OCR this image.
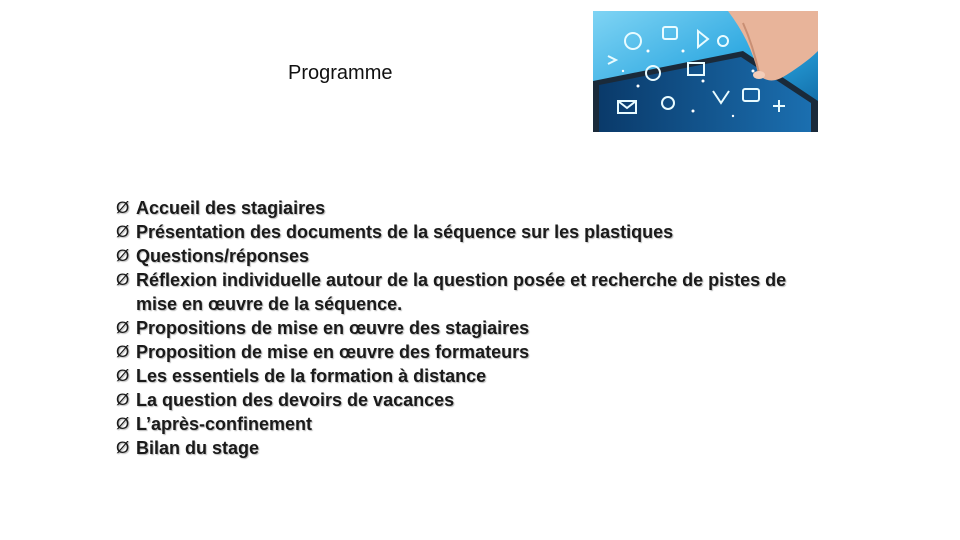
Programme
Ø Accueil des stagiaires
Ø Présentation des documents de la séquence sur les plastiques
Ø Questions/réponses
Ø Réflexion individuelle autour de la question posée et recherche de pistes de mise en œuvre de la séquence.
Ø Propositions de mise en œuvre des stagiaires
Ø Proposition de mise en œuvre des formateurs
Ø Les essentiels de la formation à distance
Ø La question des devoirs de vacances
Ø L’après-confinement
Ø Bilan du stage
